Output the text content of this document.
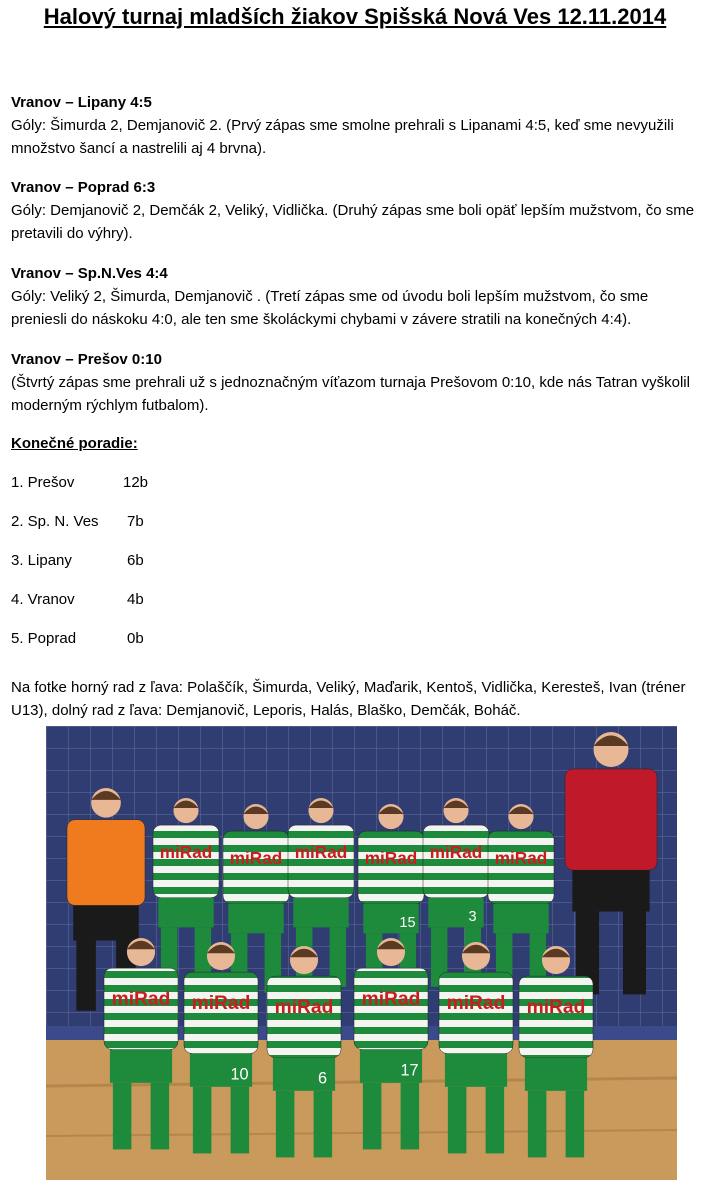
Halový turnaj mladších žiakov Spišská Nová Ves 12.11.2014
Vranov – Lipany 4:5
Góly: Šimurda 2, Demjanovič 2. (Prvý zápas sme smolne prehrali s Lipanami 4:5, keď sme nevyužili množstvo šancí a nastrelili aj 4 brvna).
Vranov – Poprad 6:3
Góly: Demjanovič 2, Demčák 2, Veliký, Vidlička. (Druhý zápas sme boli opäť lepším mužstvom, čo sme pretavili do výhry).
Vranov – Sp.N.Ves 4:4
Góly: Veliký 2, Šimurda, Demjanovič . (Tretí zápas sme od úvodu boli lepším mužstvom, čo sme preniesli do náskoku 4:0, ale ten sme školáckymi chybami v závere stratili na konečných 4:4).
Vranov – Prešov 0:10
(Štvrtý zápas sme prehrali už s jednoznačným víťazom turnaja Prešovom 0:10, kde nás Tatran vyškolil moderným rýchlym futbalom).
Konečné poradie:
1. Prešov	12b
2. Sp. N. Ves 7b
3. Lipany	6b
4. Vranov	4b
5. Poprad	0b
Na fotke horný rad z ľava: Polaščík, Šimurda, Veliký, Maďarik, Kentoš, Vidlička, Keresteš, Ivan (tréner U13), dolný rad z ľava: Demjanovič, Leporis, Halás, Blaško, Demčák, Boháč.
miRad miRad miRad miRad
15
miRad
3
miRad
miRad miRad
10
miRad
6
miRad
17
miRad miRad
